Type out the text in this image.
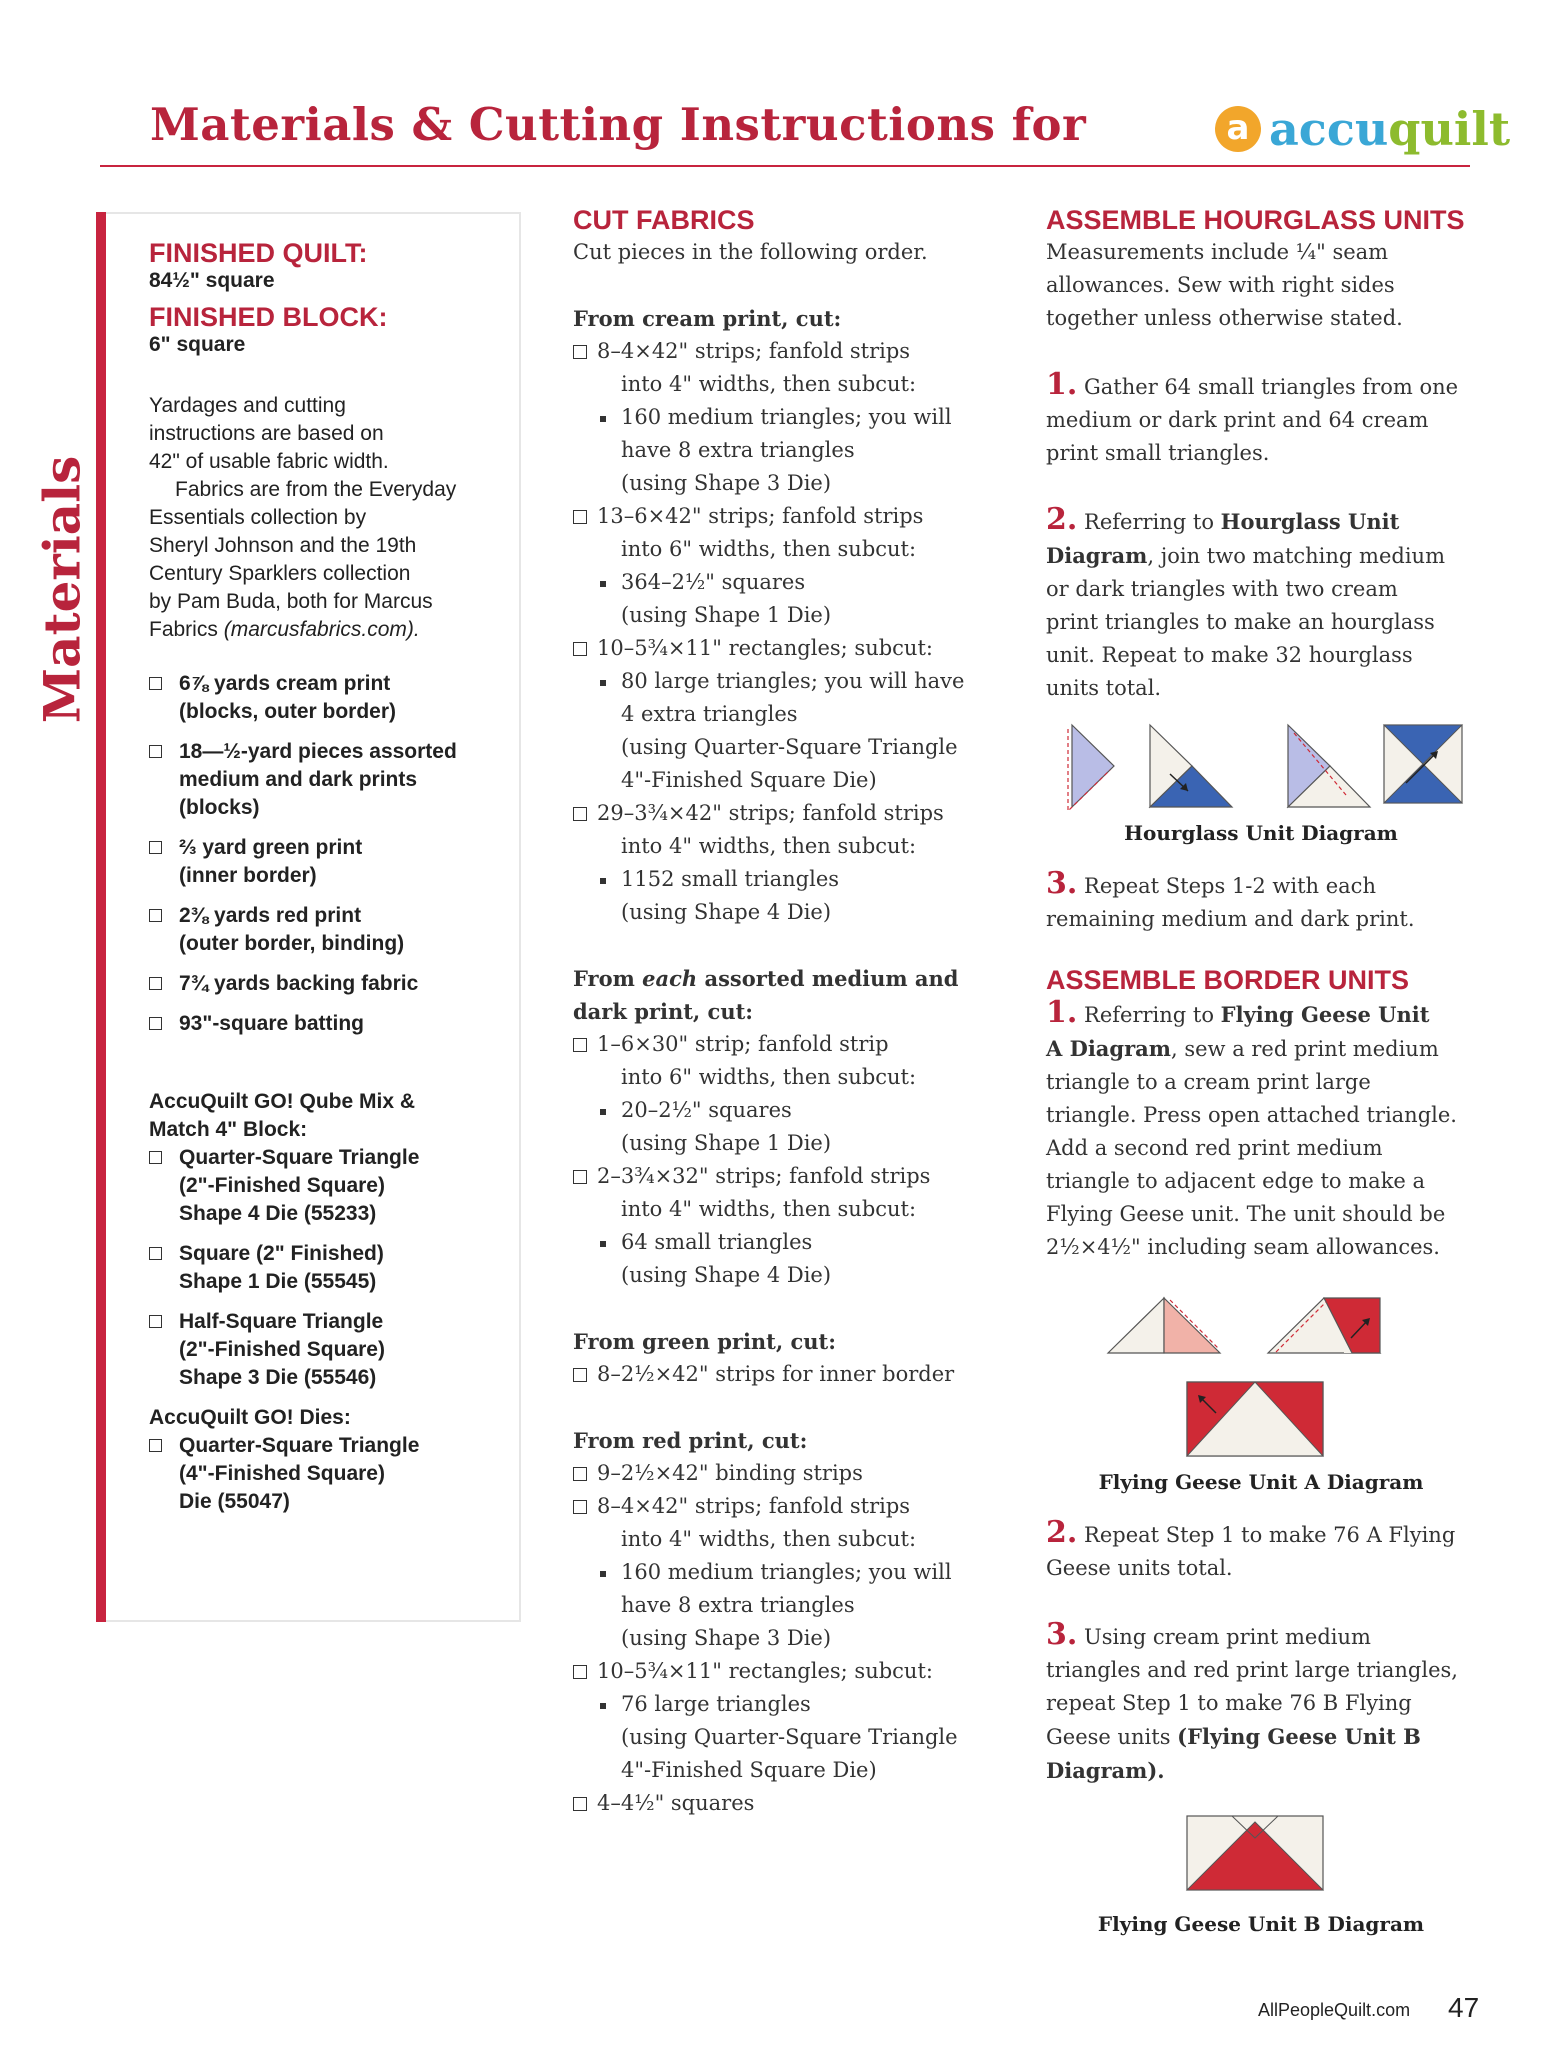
Materials & Cutting Instructions for	a accuquilt
Materials
FINISHED QUILT:
84½" square
FINISHED BLOCK:
6" square
Yardages and cutting
instructions are based on
42" of usable fabric width.
Fabrics are from the Everyday
Essentials collection by
Sheryl Johnson and the 19th
Century Sparklers collection
by Pam Buda, both for Marcus
Fabrics (marcusfabrics.com).
6⅞ yards cream print
(blocks, outer border)
18—½-yard pieces assorted
medium and dark prints
(blocks)
⅔ yard green print
(inner border)
2⅜ yards red print
(outer border, binding)
7¾ yards backing fabric
93"-square batting
AccuQuilt GO! Qube Mix &
Match 4" Block:
Quarter-Square Triangle
(2"-Finished Square)
Shape 4 Die (55233)
Square (2" Finished)
Shape 1 Die (55545)
Half-Square Triangle
(2"-Finished Square)
Shape 3 Die (55546)
AccuQuilt GO! Dies:
Quarter-Square Triangle
(4"-Finished Square)
Die (55047)
CUT FABRICS
Cut pieces in the following order.
From cream print, cut:
8–4×42" strips; fanfold strips
into 4" widths, then subcut:
160 medium triangles; you will
have 8 extra triangles
(using Shape 3 Die)
13–6×42" strips; fanfold strips
into 6" widths, then subcut:
364–2½" squares
(using Shape 1 Die)
10–5¾×11" rectangles; subcut:
80 large triangles; you will have
4 extra triangles
(using Quarter-Square Triangle
4"-Finished Square Die)
29–3¾×42" strips; fanfold strips
into 4" widths, then subcut:
1152 small triangles
(using Shape 4 Die)
From each assorted medium and
dark print, cut:
1–6×30" strip; fanfold strip
into 6" widths, then subcut:
20–2½" squares
(using Shape 1 Die)
2–3¾×32" strips; fanfold strips
into 4" widths, then subcut:
64 small triangles
(using Shape 4 Die)
From green print, cut:
8–2½×42" strips for inner border
From red print, cut:
9–2½×42" binding strips
8–4×42" strips; fanfold strips
into 4" widths, then subcut:
160 medium triangles; you will
have 8 extra triangles
(using Shape 3 Die)
10–5¾×11" rectangles; subcut:
76 large triangles
(using Quarter-Square Triangle
4"-Finished Square Die)
4–4½" squares
ASSEMBLE HOURGLASS UNITS
Measurements include ¼" seam
allowances. Sew with right sides
together unless otherwise stated.
1. Gather 64 small triangles from one
medium or dark print and 64 cream
print small triangles.
2. Referring to Hourglass Unit
Diagram, join two matching medium
or dark triangles with two cream
print triangles to make an hourglass
unit. Repeat to make 32 hourglass
units total.
Hourglass Unit Diagram
3. Repeat Steps 1-2 with each
remaining medium and dark print.
ASSEMBLE BORDER UNITS
1. Referring to Flying Geese Unit
A Diagram, sew a red print medium
triangle to a cream print large
triangle. Press open attached triangle.
Add a second red print medium
triangle to adjacent edge to make a
Flying Geese unit. The unit should be
2½×4½" including seam allowances.
Flying Geese Unit A Diagram
2. Repeat Step 1 to make 76 A Flying
Geese units total.
3. Using cream print medium
triangles and red print large triangles,
repeat Step 1 to make 76 B Flying
Geese units (Flying Geese Unit B
Diagram).
Flying Geese Unit B Diagram
AllPeopleQuilt.com 47
